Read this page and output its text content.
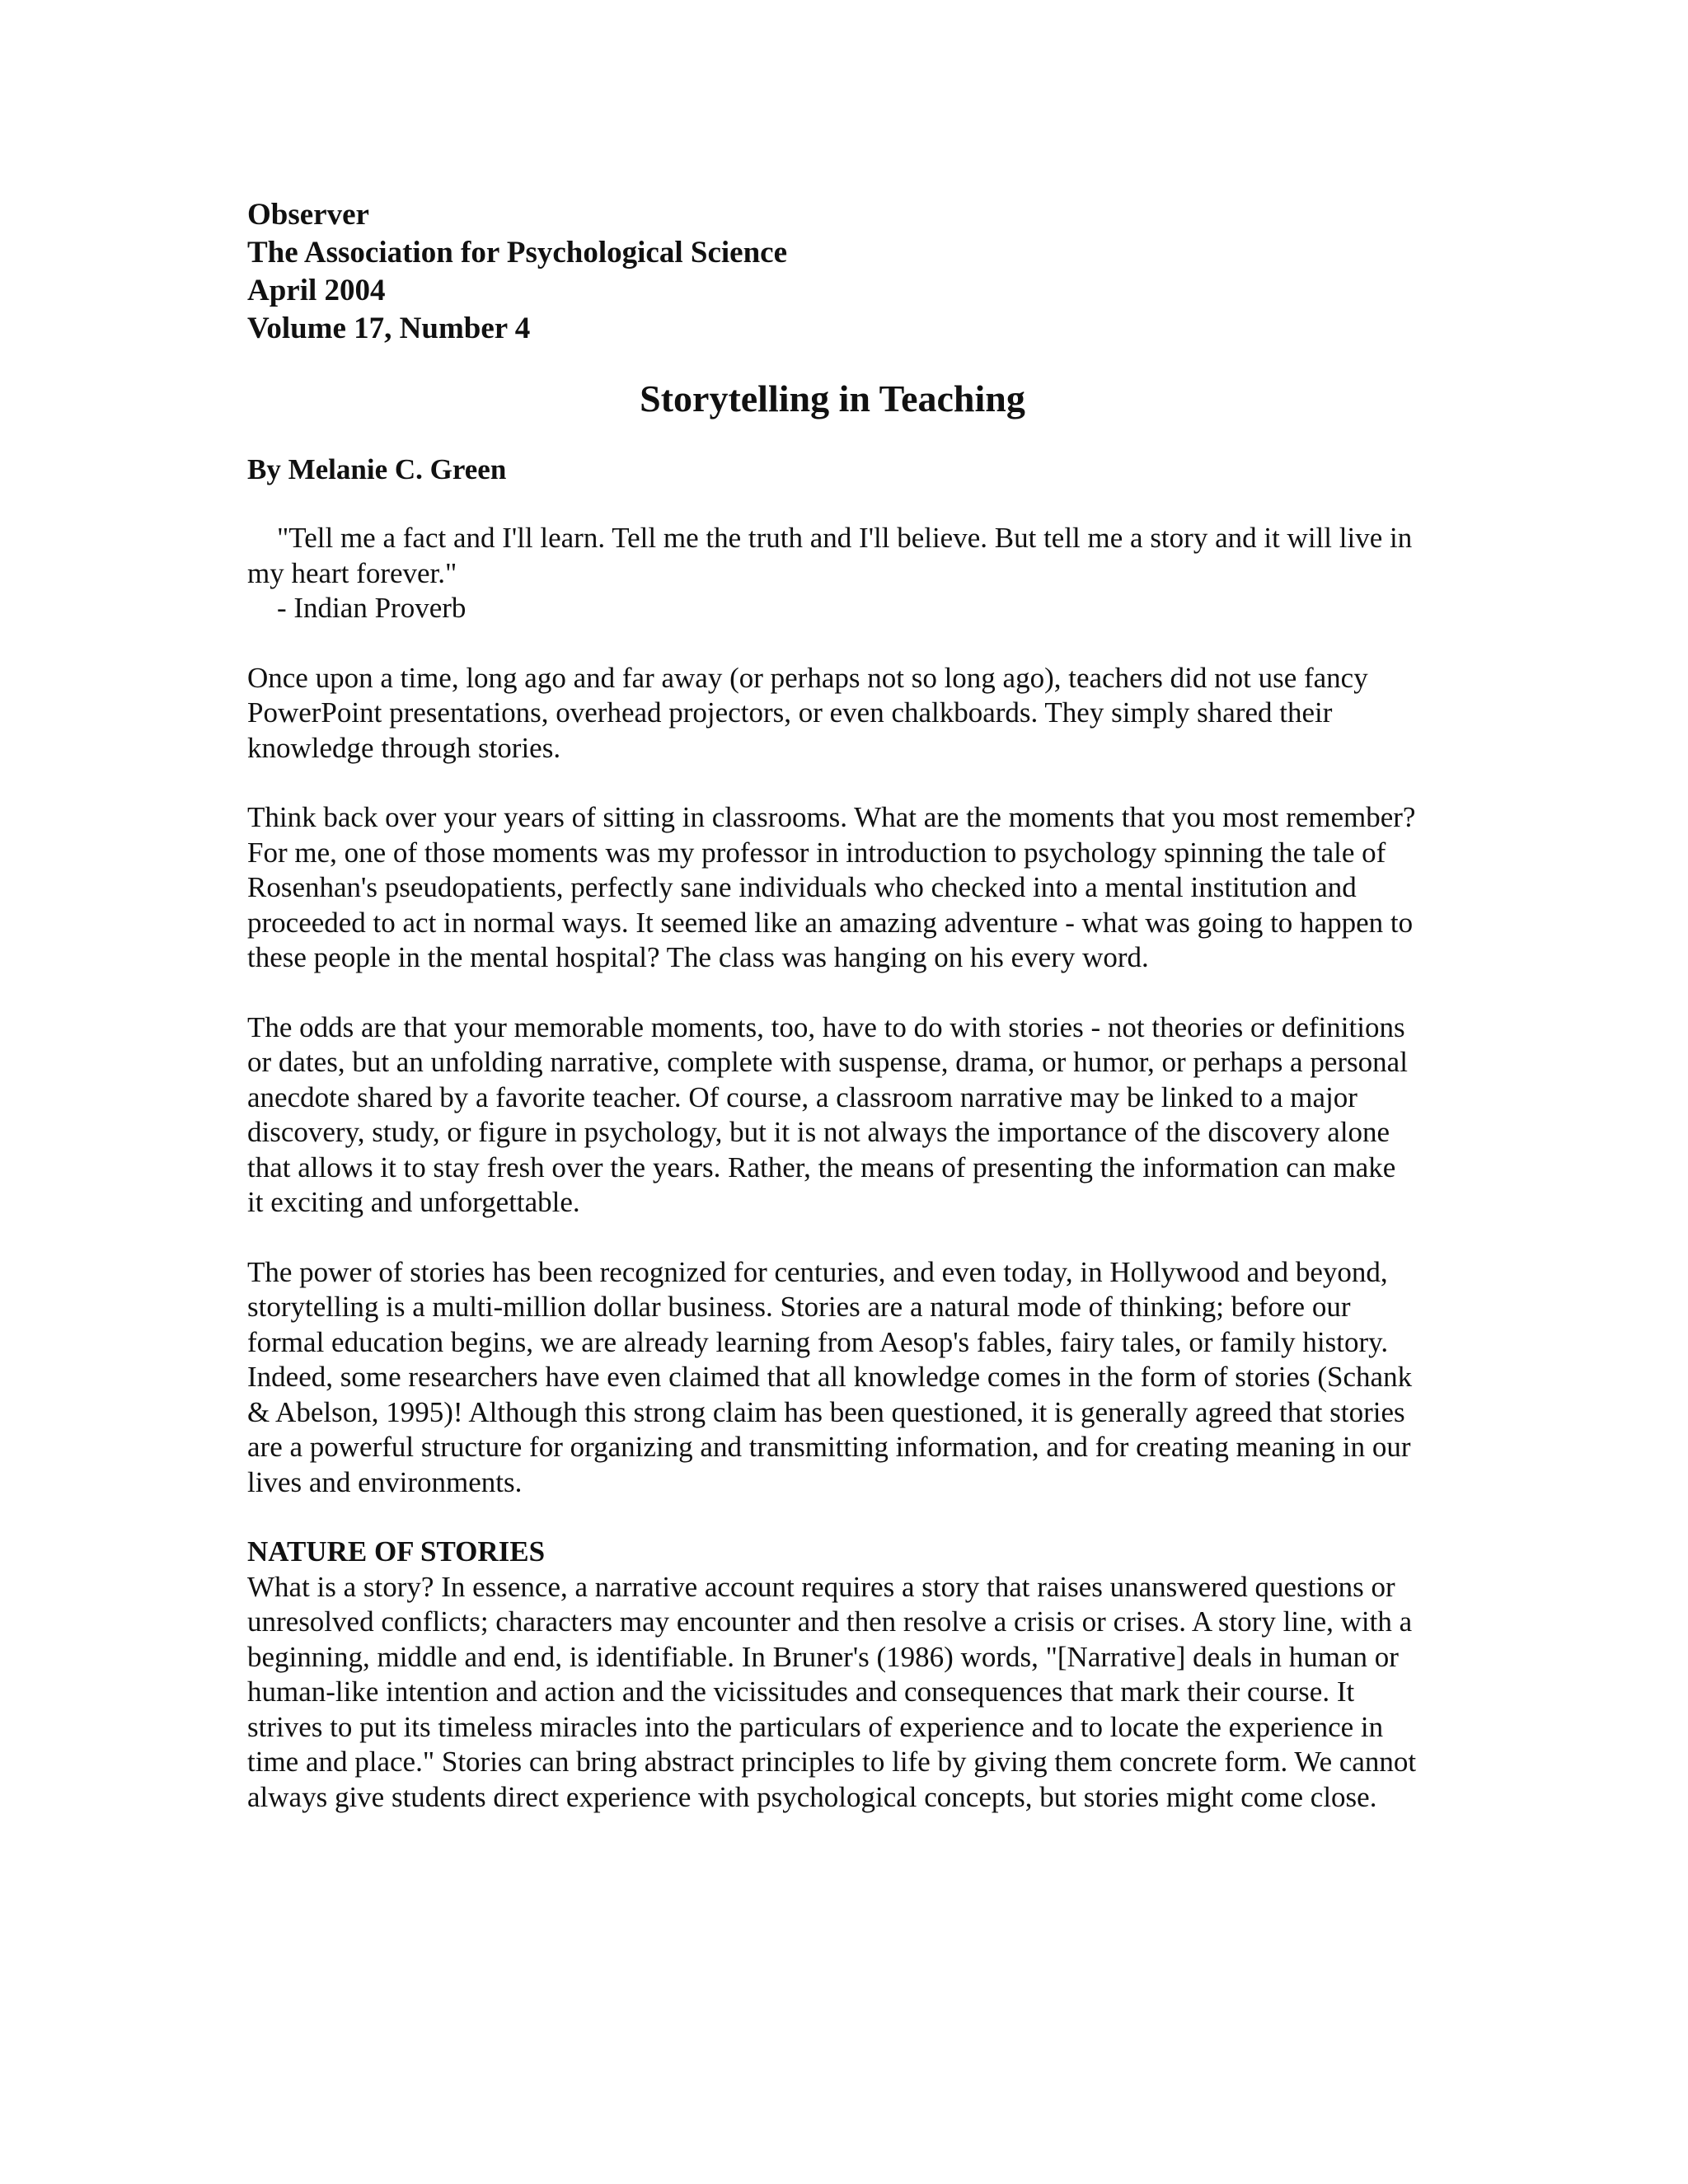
Observer
The Association for Psychological Science
April 2004
Volume 17, Number 4
Storytelling in Teaching

By Melanie C. Green

"Tell me a fact and I'll learn. Tell me the truth and I'll believe. But tell me a story and it will live in my heart forever."

- Indian Proverb

Once upon a time, long ago and far away (or perhaps not so long ago), teachers did not use fancy PowerPoint presentations, overhead projectors, or even chalkboards. They simply shared their knowledge through stories.

Think back over your years of sitting in classrooms. What are the moments that you most remember? For me, one of those moments was my professor in introduction to psychology spinning the tale of Rosenhan's pseudopatients, perfectly sane individuals who checked into a mental institution and proceeded to act in normal ways. It seemed like an amazing adventure - what was going to happen to these people in the mental hospital? The class was hanging on his every word.

The odds are that your memorable moments, too, have to do with stories - not theories or definitions or dates, but an unfolding narrative, complete with suspense, drama, or humor, or perhaps a personal anecdote shared by a favorite teacher. Of course, a classroom narrative may be linked to a major discovery, study, or figure in psychology, but it is not always the importance of the discovery alone that allows it to stay fresh over the years. Rather, the means of presenting the information can make it exciting and unforgettable.

The power of stories has been recognized for centuries, and even today, in Hollywood and beyond, storytelling is a multi-million dollar business. Stories are a natural mode of thinking; before our formal education begins, we are already learning from Aesop's fables, fairy tales, or family history. Indeed, some researchers have even claimed that all knowledge comes in the form of stories (Schank & Abelson, 1995)! Although this strong claim has been questioned, it is generally agreed that stories are a powerful structure for organizing and transmitting information, and for creating meaning in our lives and environments.

NATURE OF STORIES

What is a story? In essence, a narrative account requires a story that raises unanswered questions or unresolved conflicts; characters may encounter and then resolve a crisis or crises. A story line, with a beginning, middle and end, is identifiable. In Bruner's (1986) words, "[Narrative] deals in human or human-like intention and action and the vicissitudes and consequences that mark their course. It strives to put its timeless miracles into the particulars of experience and to locate the experience in time and place." Stories can bring abstract principles to life by giving them concrete form. We cannot always give students direct experience with psychological concepts, but stories might come close.
